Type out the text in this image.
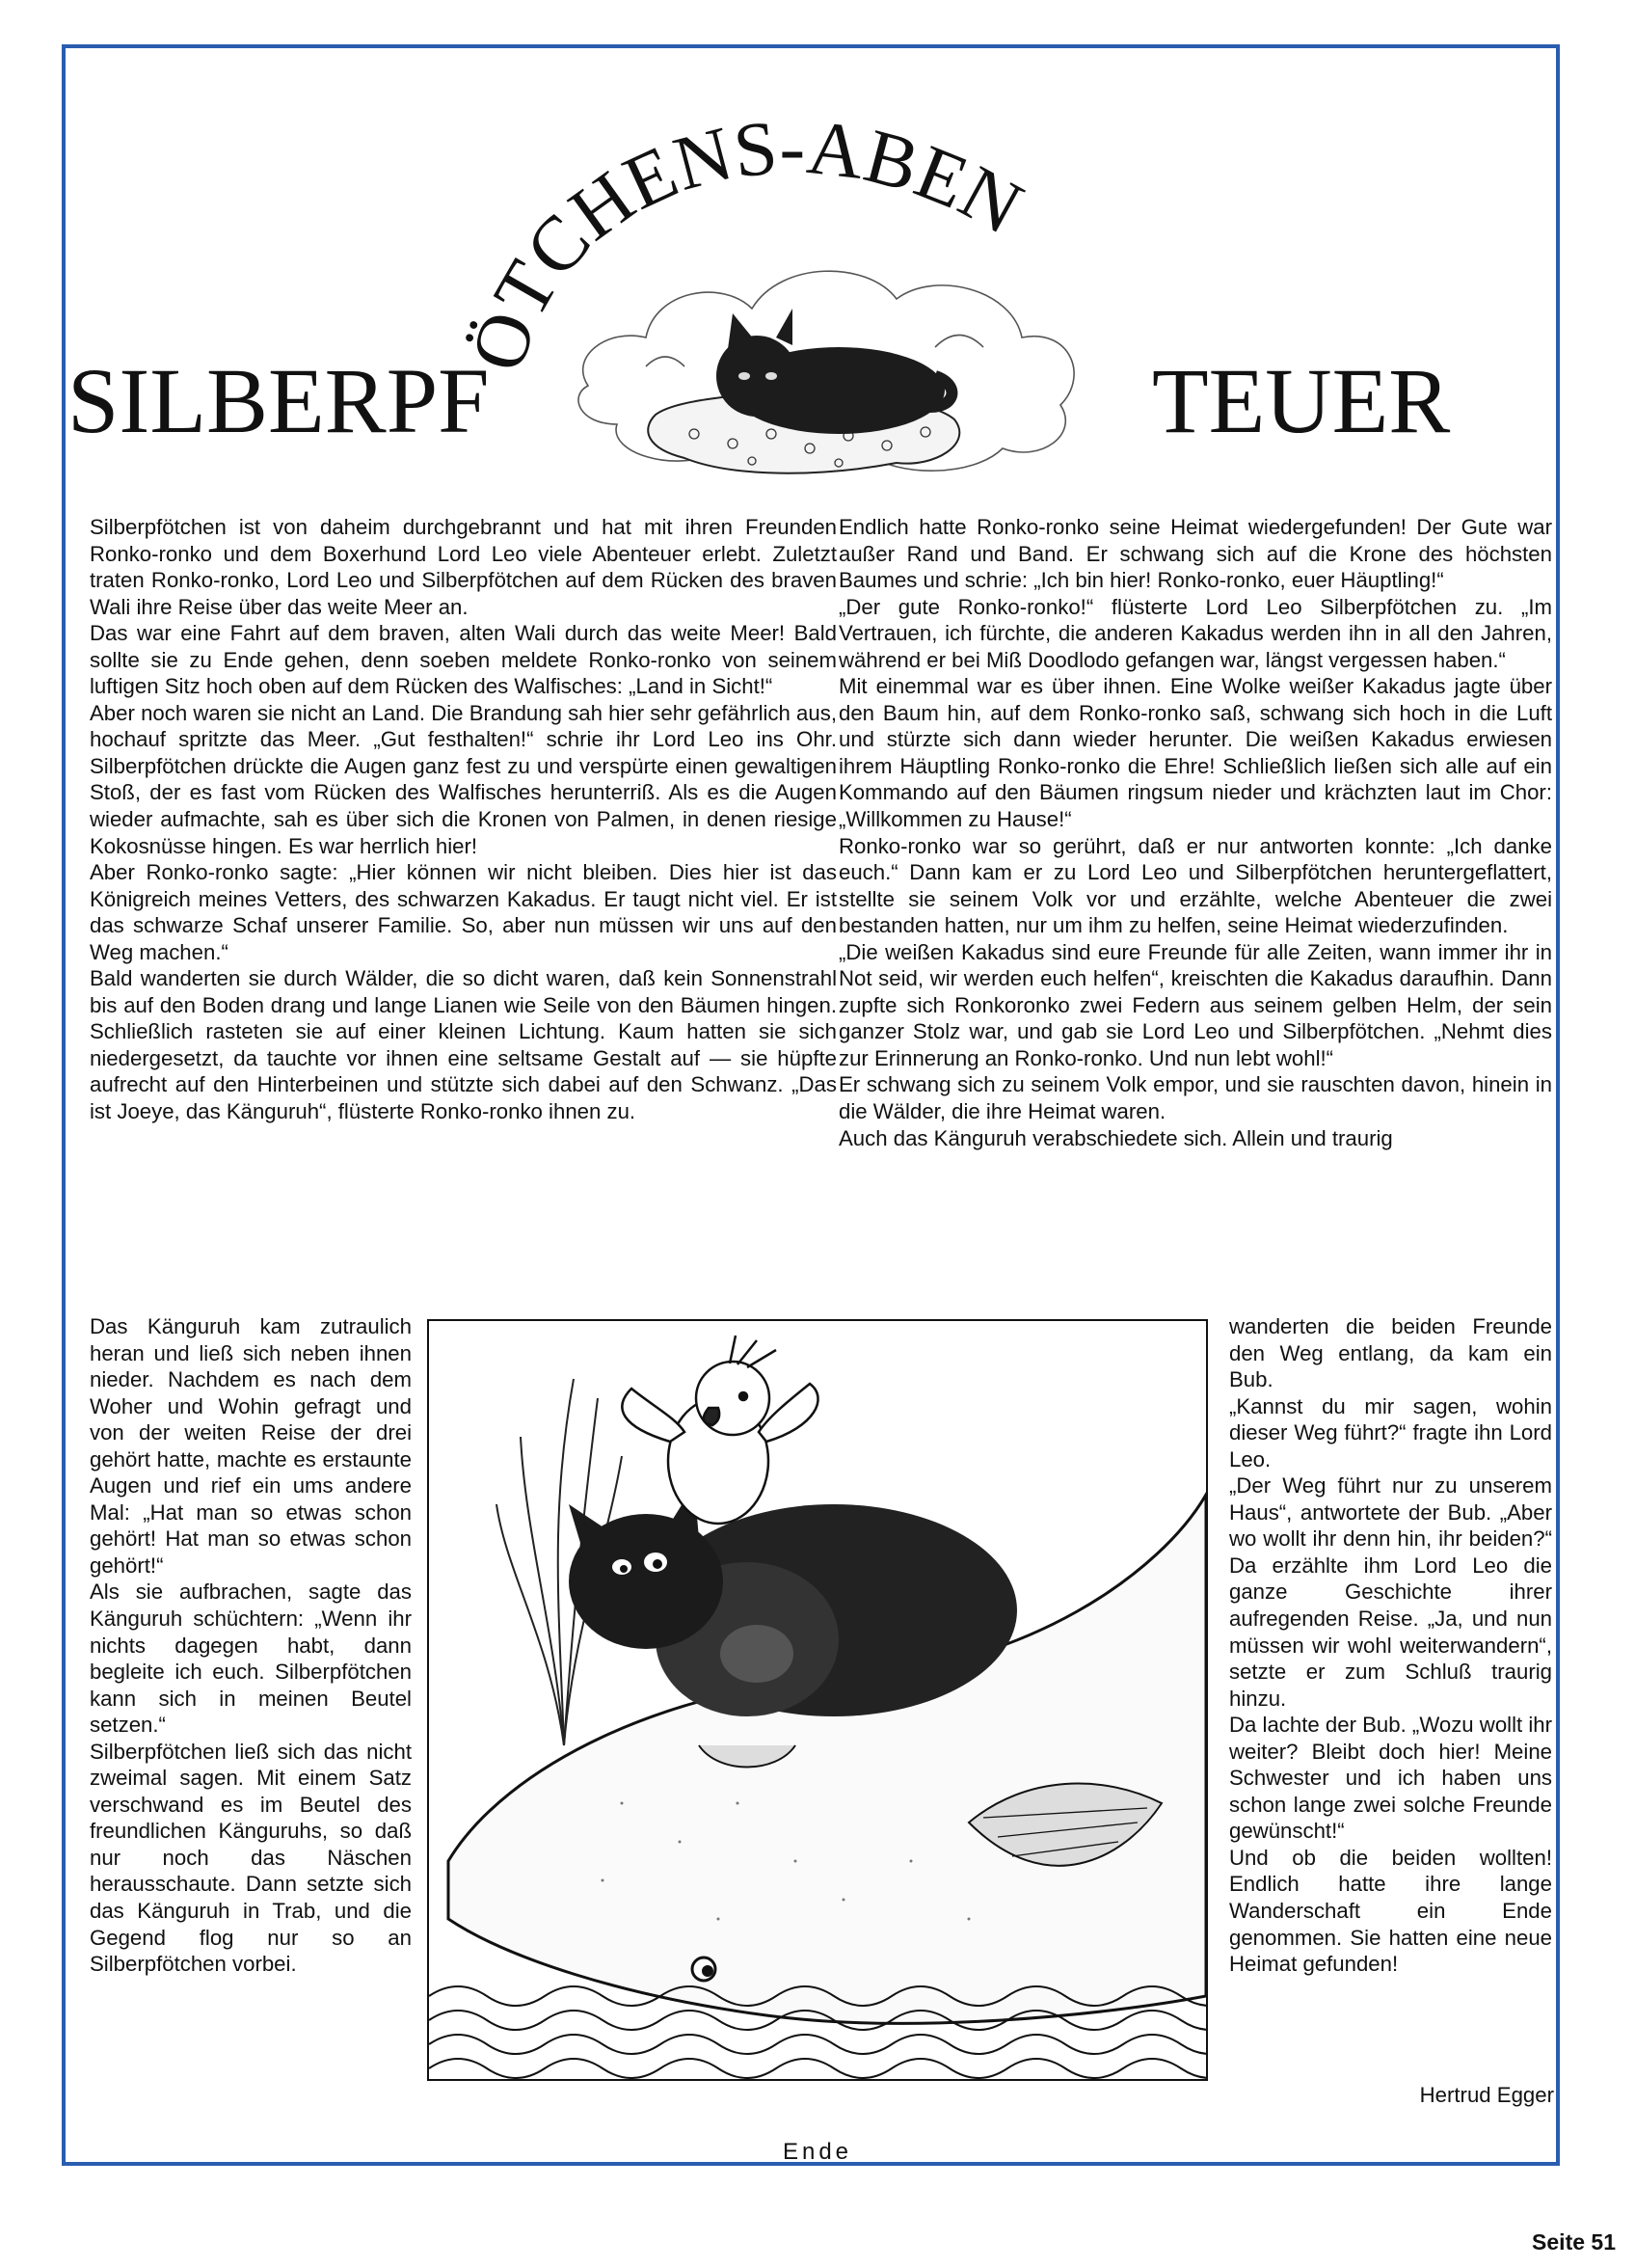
SILBERPF
ÖTCHENS-ABEN
TEUER
Silberpfötchen ist von daheim durchgebrannt und hat mit ihren Freunden Ronko-ronko und dem Boxerhund Lord Leo viele Abenteuer erlebt. Zuletzt traten Ronko-ronko, Lord Leo und Silberpfötchen auf dem Rücken des braven Wali ihre Reise über das weite Meer an.
Das war eine Fahrt auf dem braven, alten Wali durch das weite Meer! Bald sollte sie zu Ende gehen, denn soeben meldete Ronko-ronko von seinem luftigen Sitz hoch oben auf dem Rücken des Walfisches: „Land in Sicht!“
Aber noch waren sie nicht an Land. Die Brandung sah hier sehr gefährlich aus, hochauf spritzte das Meer. „Gut festhalten!“ schrie ihr Lord Leo ins Ohr. Silberpfötchen drückte die Augen ganz fest zu und verspürte einen gewaltigen Stoß, der es fast vom Rücken des Walfisches herunterriß. Als es die Augen wieder aufmachte, sah es über sich die Kronen von Palmen, in denen riesige Kokosnüsse hingen. Es war herrlich hier!
Aber Ronko-ronko sagte: „Hier können wir nicht bleiben. Dies hier ist das Königreich meines Vetters, des schwarzen Kakadus. Er taugt nicht viel. Er ist das schwarze Schaf unserer Familie. So, aber nun müssen wir uns auf den Weg machen.“
Bald wanderten sie durch Wälder, die so dicht waren, daß kein Sonnenstrahl bis auf den Boden drang und lange Lianen wie Seile von den Bäumen hingen. Schließlich rasteten sie auf einer kleinen Lichtung. Kaum hatten sie sich niedergesetzt, da tauchte vor ihnen eine seltsame Gestalt auf — sie hüpfte aufrecht auf den Hinterbeinen und stützte sich dabei auf den Schwanz. „Das ist Joeye, das Känguruh“, flüsterte Ronko-ronko ihnen zu.
Endlich hatte Ronko-ronko seine Heimat wiedergefunden! Der Gute war außer Rand und Band. Er schwang sich auf die Krone des höchsten Baumes und schrie: „Ich bin hier! Ronko-ronko, euer Häuptling!“
„Der gute Ronko-ronko!“ flüsterte Lord Leo Silberpfötchen zu. „Im Vertrauen, ich fürchte, die anderen Kakadus werden ihn in all den Jahren, während er bei Miß Doodlodo gefangen war, längst vergessen haben.“
Mit einemmal war es über ihnen. Eine Wolke weißer Kakadus jagte über den Baum hin, auf dem Ronko-ronko saß, schwang sich hoch in die Luft und stürzte sich dann wieder herunter. Die weißen Kakadus erwiesen ihrem Häuptling Ronko-ronko die Ehre! Schließlich ließen sich alle auf ein Kommando auf den Bäumen ringsum nieder und krächzten laut im Chor: „Willkommen zu Hause!“
Ronko-ronko war so gerührt, daß er nur antworten konnte: „Ich danke euch.“ Dann kam er zu Lord Leo und Silberpfötchen heruntergeflattert, stellte sie seinem Volk vor und erzählte, welche Abenteuer die zwei bestanden hatten, nur um ihm zu helfen, seine Heimat wiederzufinden.
„Die weißen Kakadus sind eure Freunde für alle Zeiten, wann immer ihr in Not seid, wir werden euch helfen“, kreischten die Kakadus daraufhin. Dann zupfte sich Ronkoronko zwei Federn aus seinem gelben Helm, der sein ganzer Stolz war, und gab sie Lord Leo und Silberpfötchen. „Nehmt dies zur Erinnerung an Ronko-ronko. Und nun lebt wohl!“
Er schwang sich zu seinem Volk empor, und sie rauschten davon, hinein in die Wälder, die ihre Heimat waren.
Auch das Känguruh verabschiedete sich. Allein und traurig
Das Känguruh kam zutraulich heran und ließ sich neben ihnen nieder. Nachdem es nach dem Woher und Wohin gefragt und von der weiten Reise der drei gehört hatte, machte es erstaunte Augen und rief ein ums andere Mal: „Hat man so etwas schon gehört! Hat man so etwas schon gehört!“
Als sie aufbrachen, sagte das Känguruh schüchtern: „Wenn ihr nichts dagegen habt, dann begleite ich euch. Silberpfötchen kann sich in meinen Beutel setzen.“
Silberpfötchen ließ sich das nicht zweimal sagen. Mit einem Satz verschwand es im Beutel des freundlichen Känguruhs, so daß nur noch das Näschen herausschaute. Dann setzte sich das Känguruh in Trab, und die Gegend flog nur so an Silberpfötchen vorbei.
wanderten die beiden Freunde den Weg entlang, da kam ein Bub.
„Kannst du mir sagen, wohin dieser Weg führt?“ fragte ihn Lord Leo.
„Der Weg führt nur zu unserem Haus“, antwortete der Bub. „Aber wo wollt ihr denn hin, ihr beiden?“ Da erzählte ihm Lord Leo die ganze Geschichte ihrer aufregenden Reise. „Ja, und nun müssen wir wohl weiterwandern“, setzte er zum Schluß traurig hinzu.
Da lachte der Bub. „Wozu wollt ihr weiter? Bleibt doch hier! Meine Schwester und ich haben uns schon lange zwei solche Freunde gewünscht!“
Und ob die beiden wollten! Endlich hatte ihre lange Wanderschaft ein Ende genommen. Sie hatten eine neue Heimat gefunden!
Hertrud Egger
Ende
Seite 51
